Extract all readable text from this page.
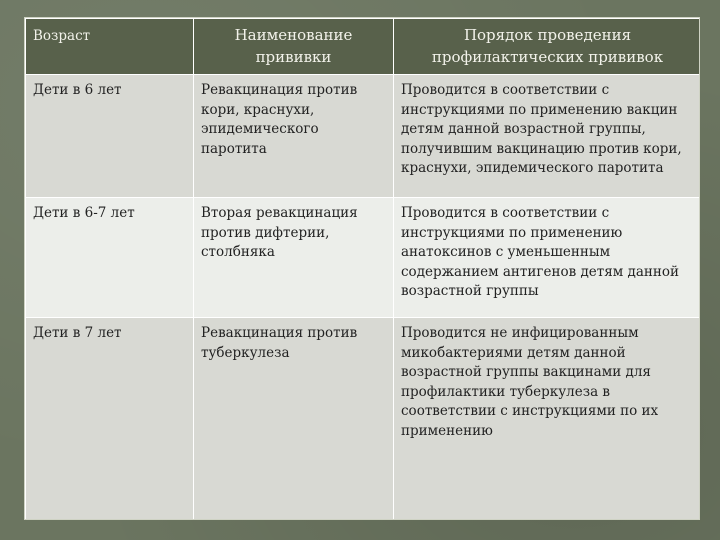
Возраст	Наименование прививки	Порядок проведения профилактических прививок
Дети в 6 лет	Ревакцинация против кори, краснухи, эпидемического паротита	Проводится в соответствии с инструкциями по применению вакцин детям данной возрастной группы, получившим вакцинацию против кори, краснухи, эпидемического паротита
Дети в 6-7 лет	Вторая ревакцинация против дифтерии, столбняка	Проводится в соответствии с инструкциями по применению анатоксинов с уменьшенным содержанием антигенов детям данной возрастной группы
Дети в 7 лет	Ревакцинация против туберкулеза	Проводится не инфицированным микобактериями детям данной возрастной группы вакцинами для профилактики туберкулеза в соответствии с инструкциями по их применению
